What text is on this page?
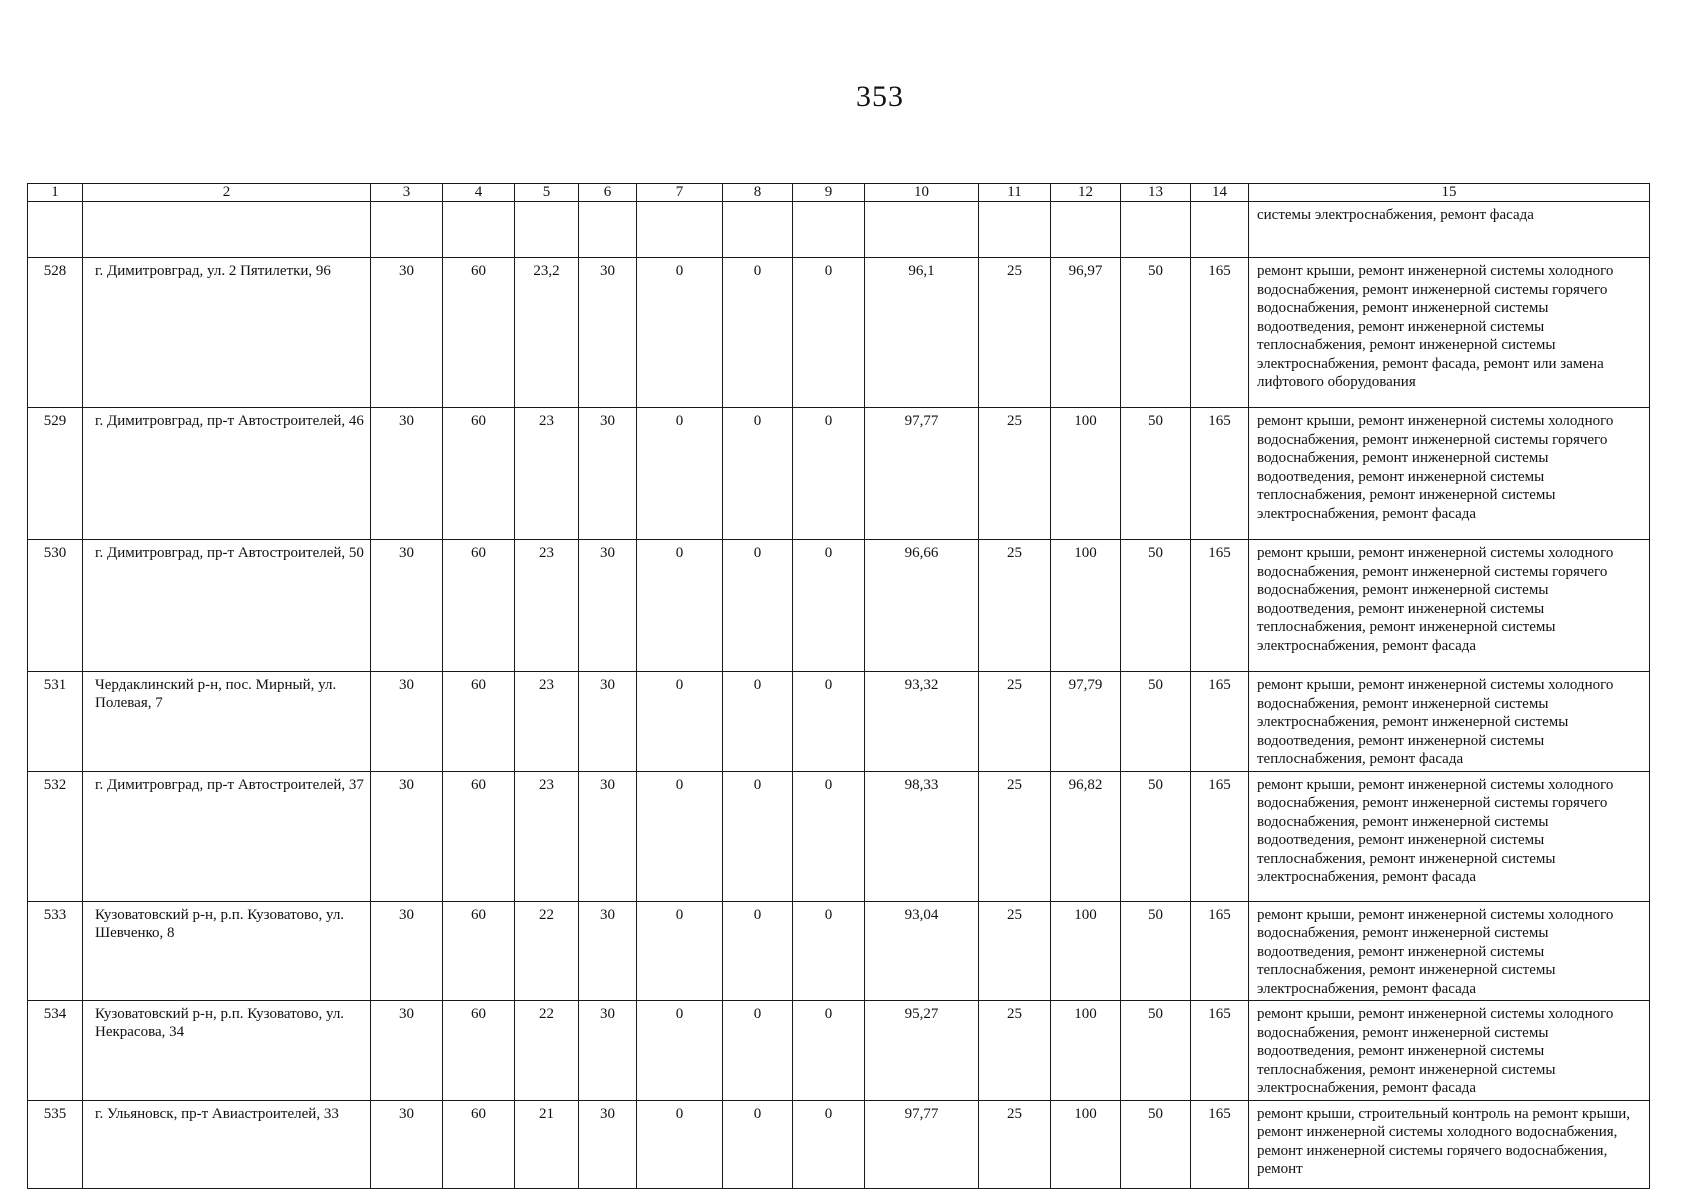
353
1	2	3	4	5	6	7	8	9	10	11	12	13	14	15
														системы электроснабжения, ремонт фасада
528	г. Димитровград, ул. 2 Пятилетки, 96	30	60	23,2	30	0	0	0	96,1	25	96,97	50	165	ремонт крыши, ремонт инженерной системы холодного водоснабжения, ремонт инженерной системы горячего водоснабжения, ремонт инженерной системы водоотведения, ремонт инженерной системы теплоснабжения, ремонт инженерной системы электроснабжения, ремонт фасада, ремонт или замена лифтового оборудования
529	г. Димитровград, пр-т Автостроителей, 46	30	60	23	30	0	0	0	97,77	25	100	50	165	ремонт крыши, ремонт инженерной системы холодного водоснабжения, ремонт инженерной системы горячего водоснабжения, ремонт инженерной системы водоотведения, ремонт инженерной системы теплоснабжения, ремонт инженерной системы электроснабжения, ремонт фасада
530	г. Димитровград, пр-т Автостроителей, 50	30	60	23	30	0	0	0	96,66	25	100	50	165	ремонт крыши, ремонт инженерной системы холодного водоснабжения, ремонт инженерной системы горячего водоснабжения, ремонт инженерной системы водоотведения, ремонт инженерной системы теплоснабжения, ремонт инженерной системы электроснабжения, ремонт фасада
531	Чердаклинский р-н, пос. Мирный, ул. Полевая, 7	30	60	23	30	0	0	0	93,32	25	97,79	50	165	ремонт крыши, ремонт инженерной системы холодного водоснабжения, ремонт инженерной системы электроснабжения, ремонт инженерной системы водоотведения, ремонт инженерной системы теплоснабжения, ремонт фасада
532	г. Димитровград, пр-т Автостроителей, 37	30	60	23	30	0	0	0	98,33	25	96,82	50	165	ремонт крыши, ремонт инженерной системы холодного водоснабжения, ремонт инженерной системы горячего водоснабжения, ремонт инженерной системы водоотведения, ремонт инженерной системы теплоснабжения, ремонт инженерной системы электроснабжения, ремонт фасада
533	Кузоватовский р-н, р.п. Кузоватово, ул. Шевченко, 8	30	60	22	30	0	0	0	93,04	25	100	50	165	ремонт крыши, ремонт инженерной системы холодного водоснабжения, ремонт инженерной системы водоотведения, ремонт инженерной системы теплоснабжения, ремонт инженерной системы электроснабжения, ремонт фасада
534	Кузоватовский р-н, р.п. Кузоватово, ул. Некрасова, 34	30	60	22	30	0	0	0	95,27	25	100	50	165	ремонт крыши, ремонт инженерной системы холодного водоснабжения, ремонт инженерной системы водоотведения, ремонт инженерной системы теплоснабжения, ремонт инженерной системы электроснабжения, ремонт фасада
535	г. Ульяновск, пр-т Авиастроителей, 33	30	60	21	30	0	0	0	97,77	25	100	50	165	ремонт крыши, строительный контроль на ремонт крыши, ремонт инженерной системы холодного водоснабжения, ремонт инженерной системы горячего водоснабжения, ремонт
